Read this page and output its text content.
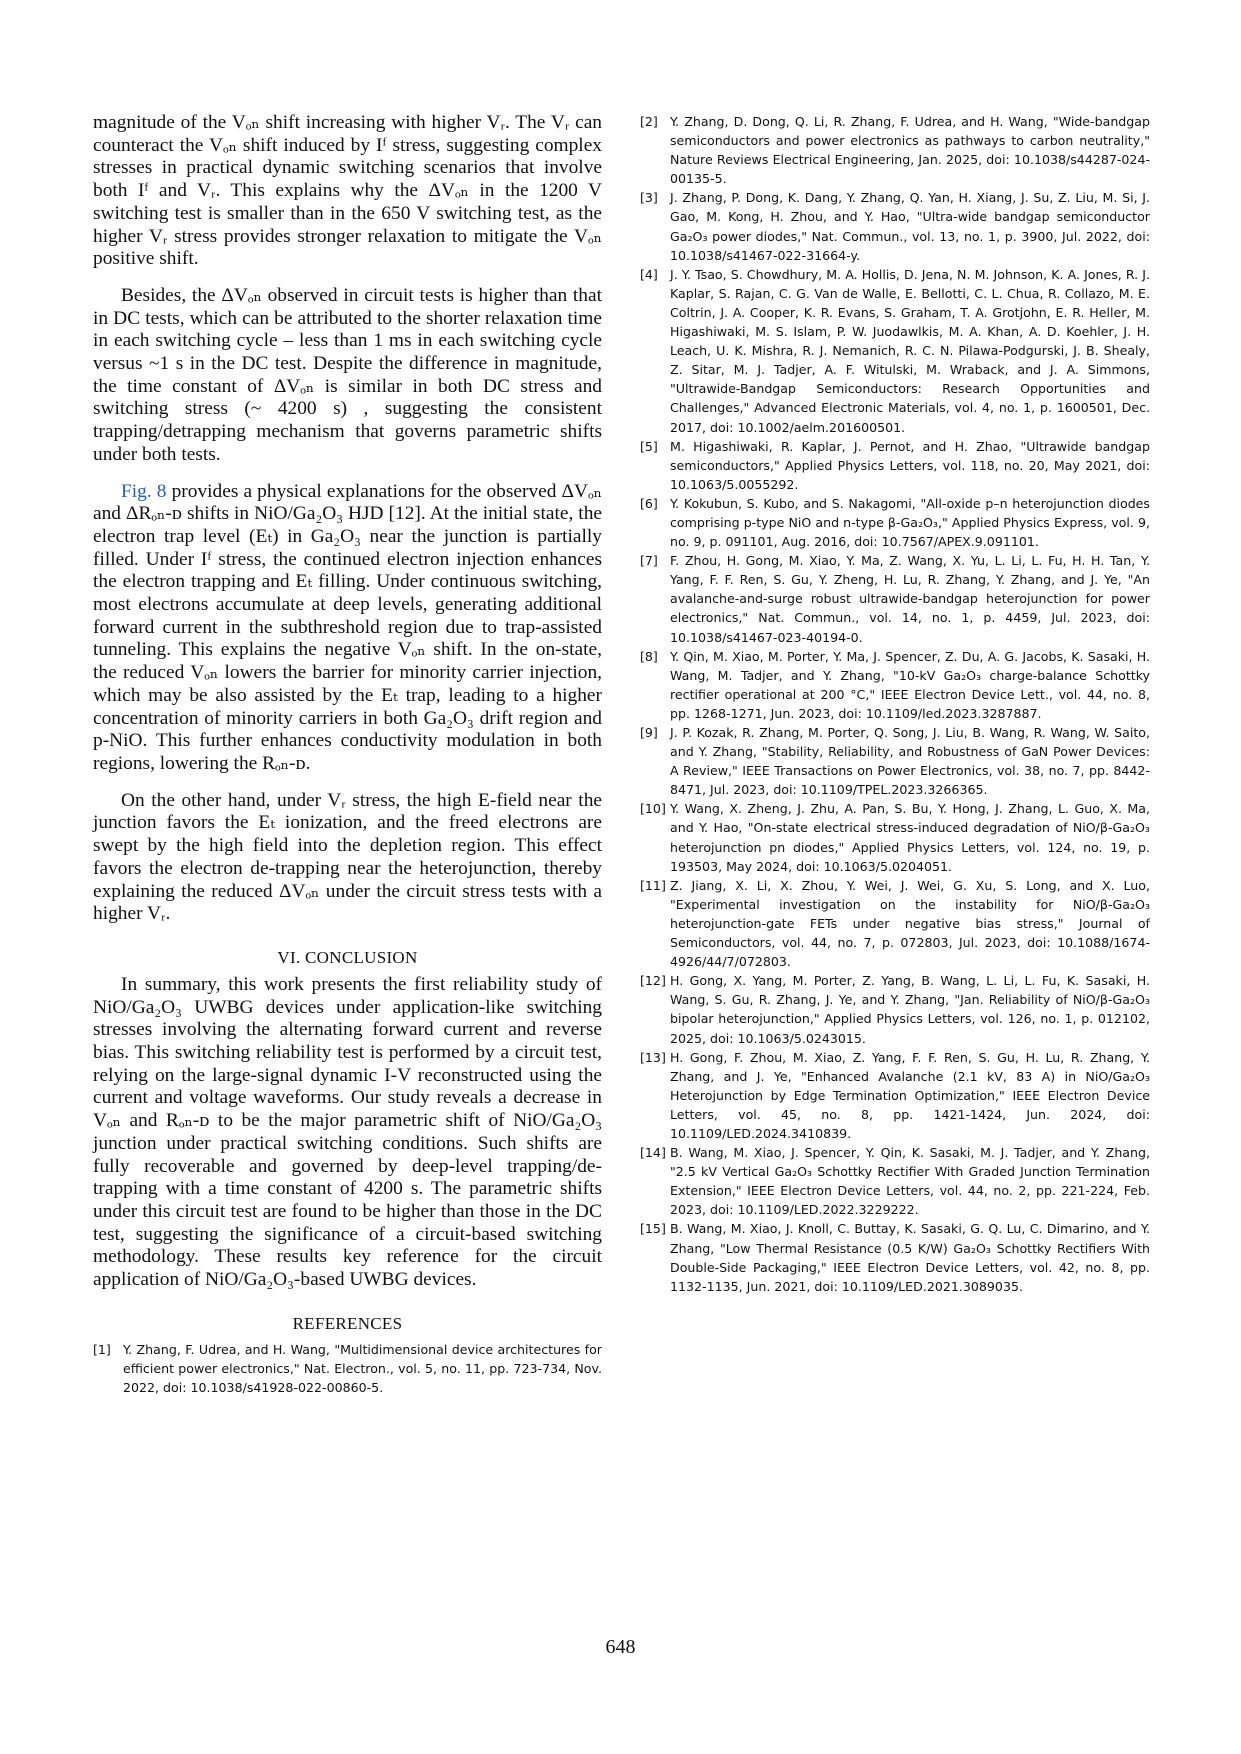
magnitude of the Vₒₙ shift increasing with higher Vᵣ. The Vᵣ can counteract the Vₒₙ shift induced by Iᶠ stress, suggesting complex stresses in practical dynamic switching scenarios that involve both Iᶠ and Vᵣ. This explains why the ΔVₒₙ in the 1200 V switching test is smaller than in the 650 V switching test, as the higher Vᵣ stress provides stronger relaxation to mitigate the Vₒₙ positive shift.

Besides, the ΔVₒₙ observed in circuit tests is higher than that in DC tests, which can be attributed to the shorter relaxation time in each switching cycle – less than 1 ms in each switching cycle versus ~1 s in the DC test. Despite the difference in magnitude, the time constant of ΔVₒₙ is similar in both DC stress and switching stress (~ 4200 s) , suggesting the consistent trapping/detrapping mechanism that governs parametric shifts under both tests.

Fig. 8 provides a physical explanations for the observed ΔVₒₙ and ΔRₒₙ-ᴅ shifts in NiO/Ga₂O₃ HJD [12]. At the initial state, the electron trap level (Eₜ) in Ga₂O₃ near the junction is partially filled. Under Iᶠ stress, the continued electron injection enhances the electron trapping and Eₜ filling. Under continuous switching, most electrons accumulate at deep levels, generating additional forward current in the subthreshold region due to trap-assisted tunneling. This explains the negative Vₒₙ shift. In the on-state, the reduced Vₒₙ lowers the barrier for minority carrier injection, which may be also assisted by the Eₜ trap, leading to a higher concentration of minority carriers in both Ga₂O₃ drift region and p-NiO. This further enhances conductivity modulation in both regions, lowering the Rₒₙ-ᴅ.

On the other hand, under Vᵣ stress, the high E-field near the junction favors the Eₜ ionization, and the freed electrons are swept by the high field into the depletion region. This effect favors the electron de-trapping near the heterojunction, thereby explaining the reduced ΔVₒₙ under the circuit stress tests with a higher Vᵣ.

VI. CONCLUSION

In summary, this work presents the first reliability study of NiO/Ga₂O₃ UWBG devices under application-like switching stresses involving the alternating forward current and reverse bias. This switching reliability test is performed by a circuit test, relying on the large-signal dynamic I-V reconstructed using the current and voltage waveforms. Our study reveals a decrease in Vₒₙ and Rₒₙ-ᴅ to be the major parametric shift of NiO/Ga₂O₃ junction under practical switching conditions. Such shifts are fully recoverable and governed by deep-level trapping/de-trapping with a time constant of 4200 s. The parametric shifts under this circuit test are found to be higher than those in the DC test, suggesting the significance of a circuit-based switching methodology. These results key reference for the circuit application of NiO/Ga₂O₃-based UWBG devices.

REFERENCES
[1] Y. Zhang, F. Udrea, and H. Wang, "Multidimensional device architectures for efficient power electronics," Nat. Electron., vol. 5, no. 11, pp. 723-734, Nov. 2022, doi: 10.1038/s41928-022-00860-5.
[2] Y. Zhang, D. Dong, Q. Li, R. Zhang, F. Udrea, and H. Wang, "Wide-bandgap semiconductors and power electronics as pathways to carbon neutrality," Nature Reviews Electrical Engineering, Jan. 2025, doi: 10.1038/s44287-024-00135-5.
[3] J. Zhang, P. Dong, K. Dang, Y. Zhang, Q. Yan, H. Xiang, J. Su, Z. Liu, M. Si, J. Gao, M. Kong, H. Zhou, and Y. Hao, "Ultra-wide bandgap semiconductor Ga₂O₃ power diodes," Nat. Commun., vol. 13, no. 1, p. 3900, Jul. 2022, doi: 10.1038/s41467-022-31664-y.
[4] J. Y. Tsao, S. Chowdhury, M. A. Hollis, D. Jena, N. M. Johnson, K. A. Jones, R. J. Kaplar, S. Rajan, C. G. Van de Walle, E. Bellotti, C. L. Chua, R. Collazo, M. E. Coltrin, J. A. Cooper, K. R. Evans, S. Graham, T. A. Grotjohn, E. R. Heller, M. Higashiwaki, M. S. Islam, P. W. Juodawlkis, M. A. Khan, A. D. Koehler, J. H. Leach, U. K. Mishra, R. J. Nemanich, R. C. N. Pilawa-Podgurski, J. B. Shealy, Z. Sitar, M. J. Tadjer, A. F. Witulski, M. Wraback, and J. A. Simmons, "Ultrawide-Bandgap Semiconductors: Research Opportunities and Challenges," Advanced Electronic Materials, vol. 4, no. 1, p. 1600501, Dec. 2017, doi: 10.1002/aelm.201600501.
[5] M. Higashiwaki, R. Kaplar, J. Pernot, and H. Zhao, "Ultrawide bandgap semiconductors," Applied Physics Letters, vol. 118, no. 20, May 2021, doi: 10.1063/5.0055292.
[6] Y. Kokubun, S. Kubo, and S. Nakagomi, "All-oxide p–n heterojunction diodes comprising p-type NiO and n-type β-Ga₂O₃," Applied Physics Express, vol. 9, no. 9, p. 091101, Aug. 2016, doi: 10.7567/APEX.9.091101.
[7] F. Zhou, H. Gong, M. Xiao, Y. Ma, Z. Wang, X. Yu, L. Li, L. Fu, H. H. Tan, Y. Yang, F. F. Ren, S. Gu, Y. Zheng, H. Lu, R. Zhang, Y. Zhang, and J. Ye, "An avalanche-and-surge robust ultrawide-bandgap heterojunction for power electronics," Nat. Commun., vol. 14, no. 1, p. 4459, Jul. 2023, doi: 10.1038/s41467-023-40194-0.
[8] Y. Qin, M. Xiao, M. Porter, Y. Ma, J. Spencer, Z. Du, A. G. Jacobs, K. Sasaki, H. Wang, M. Tadjer, and Y. Zhang, "10-kV Ga₂O₃ charge-balance Schottky rectifier operational at 200 °C," IEEE Electron Device Lett., vol. 44, no. 8, pp. 1268-1271, Jun. 2023, doi: 10.1109/led.2023.3287887.
[9] J. P. Kozak, R. Zhang, M. Porter, Q. Song, J. Liu, B. Wang, R. Wang, W. Saito, and Y. Zhang, "Stability, Reliability, and Robustness of GaN Power Devices: A Review," IEEE Transactions on Power Electronics, vol. 38, no. 7, pp. 8442-8471, Jul. 2023, doi: 10.1109/TPEL.2023.3266365.
[10] Y. Wang, X. Zheng, J. Zhu, A. Pan, S. Bu, Y. Hong, J. Zhang, L. Guo, X. Ma, and Y. Hao, "On-state electrical stress-induced degradation of NiO/β-Ga₂O₃ heterojunction pn diodes," Applied Physics Letters, vol. 124, no. 19, p. 193503, May 2024, doi: 10.1063/5.0204051.
[11] Z. Jiang, X. Li, X. Zhou, Y. Wei, J. Wei, G. Xu, S. Long, and X. Luo, "Experimental investigation on the instability for NiO/β-Ga₂O₃ heterojunction-gate FETs under negative bias stress," Journal of Semiconductors, vol. 44, no. 7, p. 072803, Jul. 2023, doi: 10.1088/1674-4926/44/7/072803.
[12] H. Gong, X. Yang, M. Porter, Z. Yang, B. Wang, L. Li, L. Fu, K. Sasaki, H. Wang, S. Gu, R. Zhang, J. Ye, and Y. Zhang, "Jan. Reliability of NiO/β-Ga₂O₃ bipolar heterojunction," Applied Physics Letters, vol. 126, no. 1, p. 012102, 2025, doi: 10.1063/5.0243015.
[13] H. Gong, F. Zhou, M. Xiao, Z. Yang, F. F. Ren, S. Gu, H. Lu, R. Zhang, Y. Zhang, and J. Ye, "Enhanced Avalanche (2.1 kV, 83 A) in NiO/Ga₂O₃ Heterojunction by Edge Termination Optimization," IEEE Electron Device Letters, vol. 45, no. 8, pp. 1421-1424, Jun. 2024, doi: 10.1109/LED.2024.3410839.
[14] B. Wang, M. Xiao, J. Spencer, Y. Qin, K. Sasaki, M. J. Tadjer, and Y. Zhang, "2.5 kV Vertical Ga₂O₃ Schottky Rectifier With Graded Junction Termination Extension," IEEE Electron Device Letters, vol. 44, no. 2, pp. 221-224, Feb. 2023, doi: 10.1109/LED.2022.3229222.
[15] B. Wang, M. Xiao, J. Knoll, C. Buttay, K. Sasaki, G. Q. Lu, C. Dimarino, and Y. Zhang, "Low Thermal Resistance (0.5 K/W) Ga₂O₃ Schottky Rectifiers With Double-Side Packaging," IEEE Electron Device Letters, vol. 42, no. 8, pp. 1132-1135, Jun. 2021, doi: 10.1109/LED.2021.3089035.
648
